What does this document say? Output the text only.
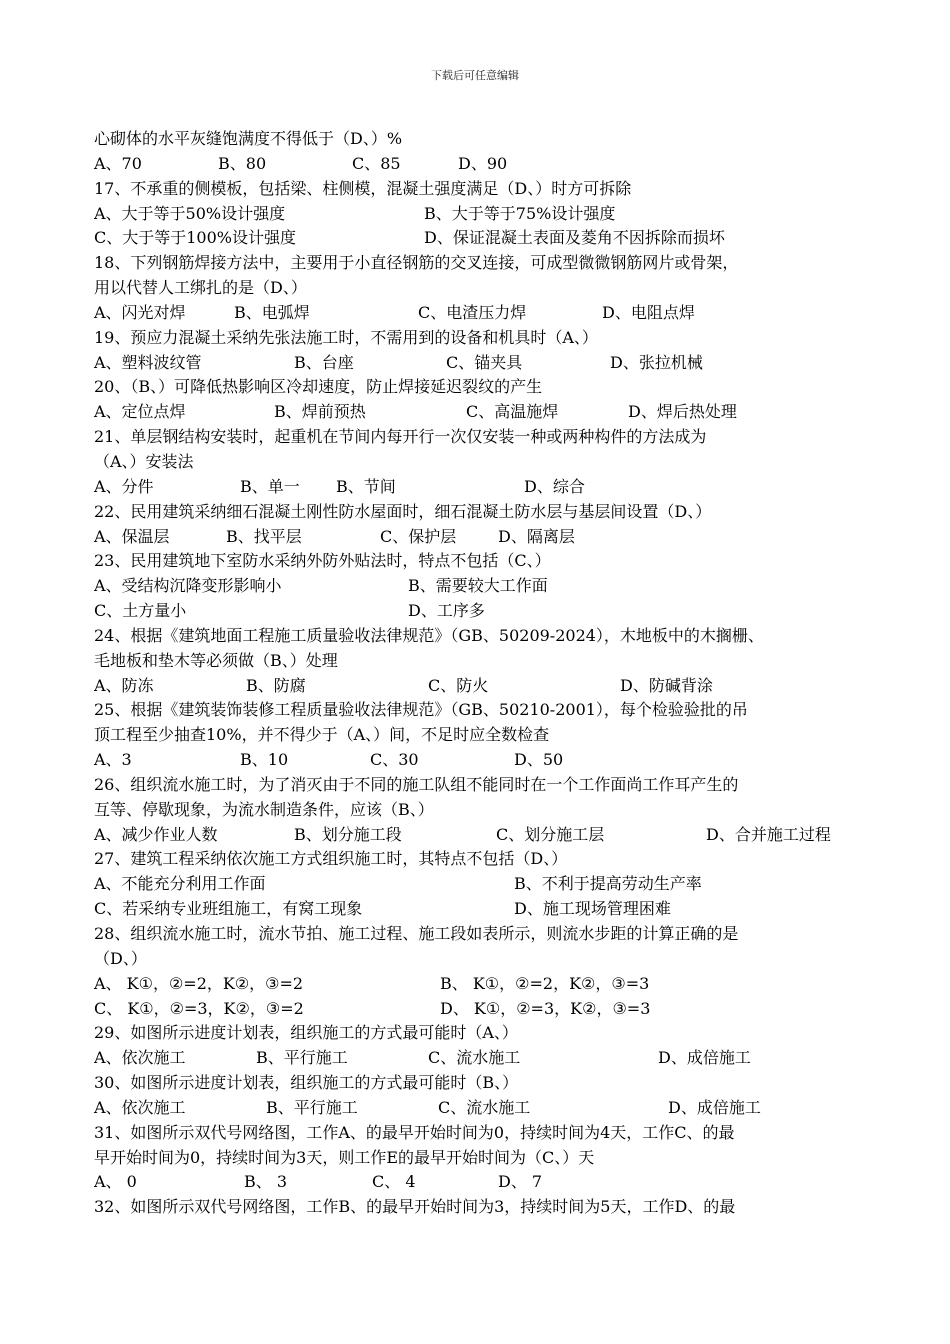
下载后可任意编辑
心砌体的水平灰缝饱满度不得低于（D、）%
A、70	B、80	C、85	D、90
17、不承重的侧模板，包括梁、柱侧模，混凝土强度满足（D、）时方可拆除
A、大于等于50%设计强度	B、大于等于75%设计强度
C、大于等于100%设计强度	D、保证混凝土表面及菱角不因拆除而损坏
18、下列钢筋焊接方法中，主要用于小直径钢筋的交叉连接，可成型微微钢筋网片或骨架，
用以代替人工绑扎的是（D、）
A、闪光对焊	B、电弧焊	C、电渣压力焊	D、电阻点焊
19、预应力混凝土采纳先张法施工时，不需用到的设备和机具时（A、）
A、塑料波纹管	B、台座	C、锚夹具	D、张拉机械
20、（B、）可降低热影响区冷却速度，防止焊接延迟裂纹的产生
A、定位点焊	B、焊前预热	C、高温施焊	D、焊后热处理
21、单层钢结构安装时，起重机在节间内每开行一次仅安装一种或两种构件的方法成为
（A、）安装法
A、分件	B、单一 B、节间	D、综合
22、民用建筑采纳细石混凝土刚性防水屋面时，细石混凝土防水层与基层间设置（D、）
A、保温层	B、找平层	C、保护层	D、隔离层
23、民用建筑地下室防水采纳外防外贴法时，特点不包括（C、）
A、受结构沉降变形影响小	B、需要较大工作面
C、土方量小	D、工序多
24、根据《建筑地面工程施工质量验收法律规范》（GB、50209-2024），木地板中的木搁栅、
毛地板和垫木等必须做（B、）处理
A、防冻	B、防腐	C、防火	D、防碱背涂
25、根据《建筑装饰装修工程质量验收法律规范》（GB、50210-2001），每个检验验批的吊
顶工程至少抽查10%，并不得少于（A、）间，不足时应全数检查
A、3	B、10	C、30	D、50
26、组织流水施工时，为了消灭由于不同的施工队组不能同时在一个工作面尚工作耳产生的
互等、停歇现象，为流水制造条件，应该（B、）
A、减少作业人数	B、划分施工段	C、划分施工层	D、合并施工过程
27、建筑工程采纳依次施工方式组织施工时，其特点不包括（D、）
A、不能充分利用工作面	B、不利于提高劳动生产率
C、若采纳专业班组施工，有窝工现象	D、施工现场管理困难
28、组织流水施工时，流水节拍、施工过程、施工段如表所示，则流水步距的计算正确的是
（D、）
A、 K①，②=2，K②，③=2	B、 K①，②=2，K②，③=3
C、 K①，②=3，K②，③=2	D、 K①，②=3，K②，③=3
29、如图所示进度计划表，组织施工的方式最可能时（A、）
A、依次施工	B、平行施工	C、流水施工	D、成倍施工
30、如图所示进度计划表，组织施工的方式最可能时（B、）
A、依次施工	B、平行施工	C、流水施工	D、成倍施工
31、如图所示双代号网络图，工作A、的最早开始时间为0，持续时间为4天，工作C、的最
早开始时间为0，持续时间为3天，则工作E的最早开始时间为（C、）天
A、 0	B、 3	C、 4	D、 7
32、如图所示双代号网络图，工作B、的最早开始时间为3，持续时间为5天，工作D、的最
